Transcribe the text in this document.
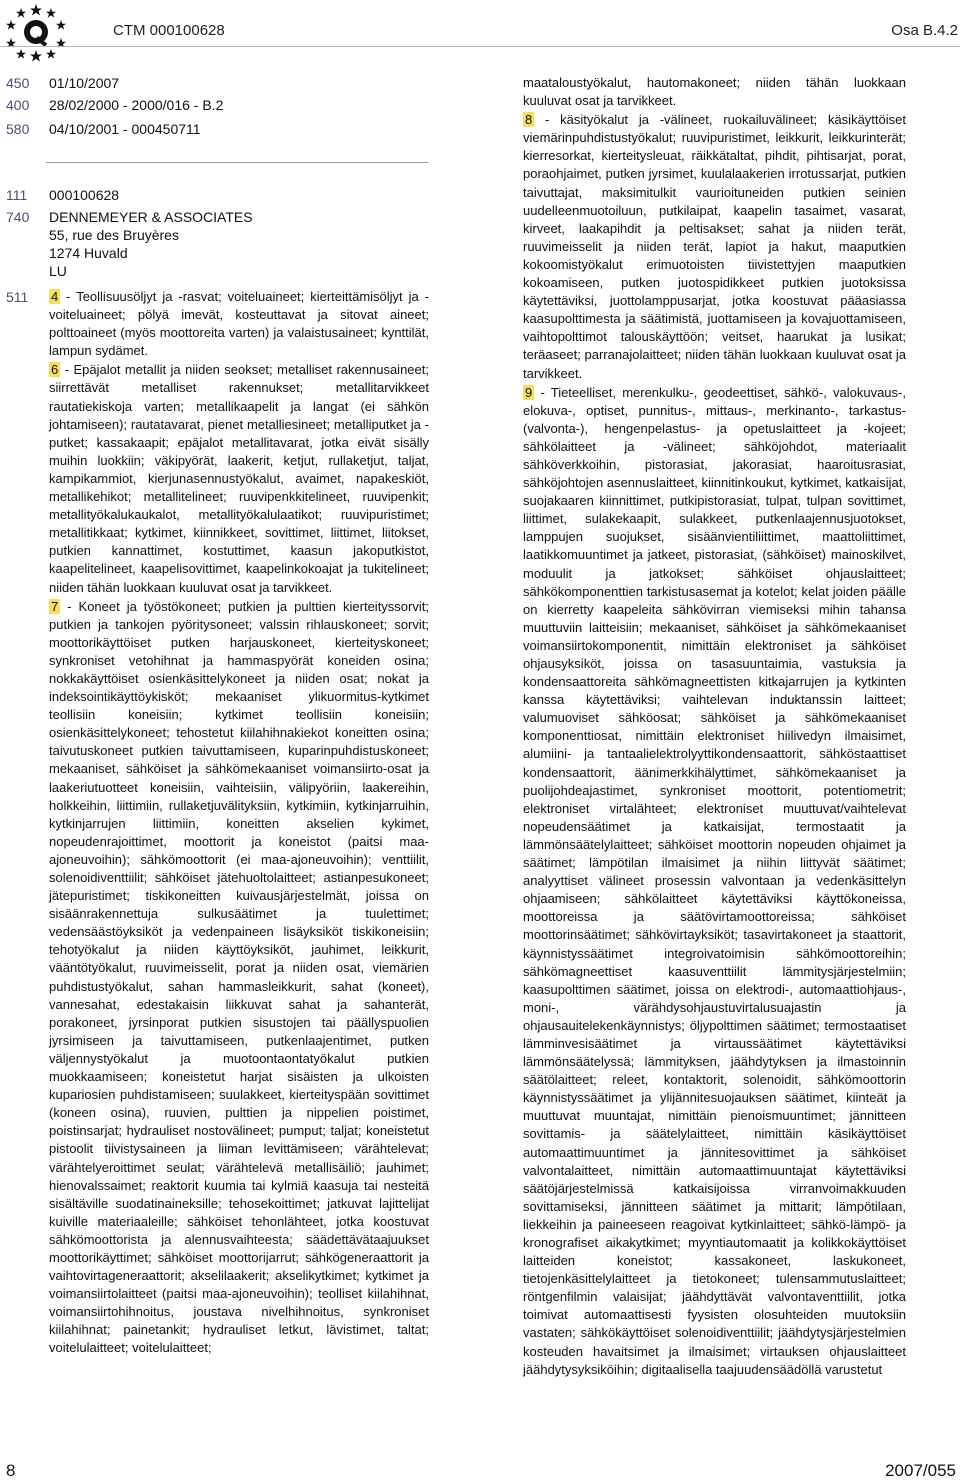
CTM 000100628	Osa B.4.2
450	01/10/2007
400	28/02/2000 - 2000/016 - B.2
580	04/10/2001 - 000450711
111	000100628
740	DENNEMEYER & ASSOCIATES
55, rue des Bruyères
1274 Huvald
LU
511	4 - Teollisuusöljyt ja -rasvat; voiteluaineet; kierteittämisöljyt ja -voiteluaineet; pölyä imevät, kosteuttavat ja sitovat aineet; polttoaineet (myös moottoreita varten) ja valaistusaineet; kynttilät, lampun sydämet.

6 - Epäjalot metallit ja niiden seokset; metalliset rakennusaineet; siirrettävät metalliset rakennukset; metallitarvikkeet rautatiekiskoja varten; metallikaapelit ja langat (ei sähkön johtamiseen); rautatavarat, pienet metalliesineet; metalliputket ja -putket; kassakaapit; epäjalot metallitavarat, jotka eivät sisälly muihin luokkiin; väkipyörät, laakerit, ketjut, rullaketjut, taljat, kampikammiot, kierjunasennustyökalut, avaimet, napakeskiöt, metallikehikot; metallitelineet; ruuvipenkkitelineet, ruuvipenkit; metallityökalukaukalot, metallityökalulaatikot; ruuvipuristimet; metallitikkaat; kytkimet, kiinnikkeet, sovittimet, liittimet, liitokset, putkien kannattimet, kostuttimet, kaasun jakoputkistot, kaapelitelineet, kaapelisovittimet, kaapelinkokoajat ja tukitelineet; niiden tähän luokkaan kuuluvat osat ja tarvikkeet.

7 - Koneet ja työstökoneet; putkien ja pulttien kierteityssorvit; putkien ja tankojen pyöritysoneet; valssin rihlauskoneet; sorvit; moottorikäyttöiset putken harjauskoneet, kierteityskoneet; synkroniset vetohihnat ja hammaspyörät koneiden osina; nokkakäyttöiset osienkäsittelykoneet ja niiden osat; nokat ja indeksointikäyttöykisköt; mekaaniset ylikuormitus-kytkimet teollisiin koneisiin; kytkimet teollisiin koneisiin; osienkäsittelykoneet; tehostetut kiilahihnakiekot koneitten osina; taivutuskoneet putkien taivuttamiseen, kuparinpuhdistuskoneet; mekaaniset, sähköiset ja sähkömekaaniset voimansiirto-osat ja laakeriutuotteet koneisiin, vaihteisiin, välipyöriin, laakereihin, holkkeihin, liittimiin, rullaketjuvälityksiin, kytkimiin, kytkinjarruihin, kytkinjarrujen liittimiin, koneitten akselien kykimet, nopeudenrajoittimet, moottorit ja koneistot (paitsi maa-ajoneuvoihin); sähkömoottorit (ei maa-ajoneuvoihin); venttiilit, solenoidiventtiilit; sähköiset jätehuoltolaitteet; astianpesukoneet; jätepuristimet; tiskikoneitten kuivausjärjestelmät, joissa on sisäänrakennettuja sulkusäätimet ja tuulettimet; vedensäästöyksiköt ja vedenpaineen lisäyksiköt tiskikoneisiin; tehotyökalut ja niiden käyttöyksiköt, jauhimet, leikkurit, vääntötyökalut, ruuvimeisselit, porat ja niiden osat, viemärien puhdistustyökalut, sahan hammasleikkurit, sahat (koneet), vannesahat, edestakaisin liikkuvat sahat ja sahanterät, porakoneet, jyrsinporat putkien sisustojen tai päällyspuolien jyrsimiseen ja taivuttamiseen, putkenlaajentimet, putken väljennystyökalut ja muotoontaontatyökalut putkien muokkaamiseen; koneistetut harjat sisäisten ja ulkoisten kupariosien puhdistamiseen; suulakkeet, kierteityspään sovittimet (koneen osina), ruuvien, pulttien ja nippelien poistimet, poistinsarjat; hydrauliset nostovälineet; pumput; taljat; koneistetut pistoolit tiivistysaineen ja liiman levittämiseen; värähtelevat; värähtelyeroittimet seulat; värähtelevä metallisäiliö; jauhimet; hienovalssaimet; reaktorit kuumia tai kylmiä kaasuja tai nesteitä sisältäville suodatinaineksille; tehosekoittimet; jatkuvat lajittelijat kuiville materiaaleille; sähköiset tehonlähteet, jotka koostuvat sähkömoottorista ja alennusvaihteesta; säädettävätaajuukset moottorikäyttimet; sähköiset moottorijarrut; sähkögeneraattorit ja vaihtovirtageneraattorit; akselilaakerit; akselikytkimet; kytkimet ja voimansiirtolaitteet (paitsi maa-ajoneuvoihin); teolliset kiilahihnat, voimansiirtohihnoitus, joustava nivelhihnoitus, synkroniset kiilahihnat; painetankit; hydrauliset letkut, lävistimet, taltat; voitelulaitteet; voitelulaitteet;

maataloustyökalut, hautomakoneet; niiden tähän luokkaan kuuluvat osat ja tarvikkeet.

8 - käsityökalut ja -välineet, ruokailuvälineet; käsikäyttöiset viemärinpuhdistustyökalut; ruuvipuristimet, leikkurit, leikkurinterät; kierresorkat, kierteitysleuat, räikkätaltat, pihdit, pihtisarjat, porat, poraohjaimet, putken jyrsimet, kuulalaakerien irrotussarjat, putkien taivuttajat, maksimitulkit vaurioituneiden putkien seinien uudelleenmuotoiluun, putkilaipat, kaapelin tasaimet, vasarat, kirveet, laakapihdit ja peltisakset; sahat ja niiden terät, ruuvimeisselit ja niiden terät, lapiot ja hakut, maaputkien kokoomistyökalut erimuotoisten tiivistettyjen maaputkien kokoamiseen, putken juotospidikkeet putkien juotoksissa käytettäviksi, juottolamppusarjat, jotka koostuvat pääasiassa kaasupolttimesta ja säätimistä, juottamiseen ja kovajuottamiseen, vaihtopolttimot talouskäyttöön; veitset, haarukat ja lusikat; teräaseet; parranajolaitteet; niiden tähän luokkaan kuuluvat osat ja tarvikkeet.

9 - Tieteelliset, merenkulku-, geodeettiset, sähkö-, valokuvaus-, elokuva-, optiset, punnitus-, mittaus-, merkinanto-, tarkastus- (valvonta-), hengenpelastus- ja opetuslaitteet ja -kojeet; sähkölaitteet ja -välineet; sähköjohdot, materiaalit sähköverkkoihin, pistorasiat, jakorasiat, haaroitusrasiat, sähköjohtojen asennuslaitteet, kiinnitinkoukut, kytkimet, katkaisijat, suojakaaren kiinnittimet, putkipistorasiat, tulpat, tulpan sovittimet, liittimet, sulakekaapit, sulakkeet, putkenlaajennusjuotokset, lamppujen suojukset, sisäänvientiliittimet, maattoliittimet, laatikkomuuntimet ja jatkeet, pistorasiat, (sähköiset) mainoskilvet, moduulit ja jatkokset; sähköiset ohjauslaitteet; sähkökomponenttien tarkistusasemat ja kotelot; kelat joiden päälle on kierretty kaapeleita sähkövirran viemiseksi mihin tahansa muuttuviin laitteisiin; mekaaniset, sähköiset ja sähkömekaaniset voimansiirtokomponentit, nimittäin elektroniset ja sähköiset ohjausyksiköt, joissa on tasasuuntaimia, vastuksia ja kondensaattoreita sähkömagneettisten kitkajarrujen ja kytkinten kanssa käytettäviksi; vaihtelevan induktanssin laitteet; valumuoviset sähköosat; sähköiset ja sähkömekaaniset komponenttiosat, nimittäin elektroniset hiilivedyn ilmaisimet, alumiini- ja tantaalielektrolyyttikondensaattorit, sähköstaattiset kondensaattorit, äänimerkkihälyttimet, sähkömekaaniset ja puolijohdeajastimet, synkroniset moottorit, potentiometrit; elektroniset virtalähteet; elektroniset muuttuvat/vaihtelevat nopeudensäätimet ja katkaisijat, termostaatit ja lämmönsäätelylaitteet; sähköiset moottorin nopeuden ohjaimet ja säätimet; lämpötilan ilmaisimet ja niihin liittyvät säätimet; analyyttiset välineet prosessin valvontaan ja vedenkäsittelyn ohjaamiseen; sähkölaitteet käytettäviksi käyttökoneissa, moottoreissa ja säätövirtamoottoreissa; sähköiset moottorinsäätimet; sähkövirtayksiköt; tasavirtakoneet ja staattorit, käynnistyssäätimet integroivatoimisin sähkömoottoreihin; sähkömagneettiset kaasuventtiilit lämmitysjärjestelmiin; kaasupolttimen säätimet, joissa on elektrodi-, automaattiohjaus-, moni-, värähdysohjaustuvirtalusuajastin ja ohjausauitelekenkäynnistys; öljypolttimen säätimet; termostaatiset lämminvesisäätimet ja virtaussäätimet käytettäviksi lämmönsäätelyssä; lämmityksen, jäähdytyksen ja ilmastoinnin säätölaitteet; releet, kontaktorit, solenoidit, sähkömoottorin käynnistyssäätimet ja ylijännitesuojauksen säätimet, kiinteät ja muuttuvat muuntajat, nimittäin pienoismuuntimet; jännitteen sovittamis- ja säätelylaitteet, nimittäin käsikäyttöiset automaattimuuntimet ja jännitesovittimet ja sähköiset valvontalaitteet, nimittäin automaattimuuntajat käytettäviksi säätöjärjestelmissä katkaisijoissa virranvoimakkuuden sovittamiseksi, jännitteen säätimet ja mittarit; lämpötilaan, liekkeihin ja paineeseen reagoivat kytkinlaitteet; sähkö-lämpö- ja kronografiset aikakytkimet; myyntiautomaatit ja kolikkokäyttöiset laitteiden koneistot; kassakoneet, laskukoneet, tietojenkäsittelylaitteet ja tietokoneet; tulensammutuslaitteet; röntgenfilmin valaisijat; jäähdyttävät valvontaventtiilit, jotka toimivat automaattisesti fyysisten olosuhteiden muutoksiin vastaten; sähkökäyttöiset solenoidiventtiilit; jäähdytysjärjestelmien kosteuden havaitsimet ja ilmaisimet; virtauksen ohjauslaitteet jäähdytysyksiköihin; digitaalisella taajuudensäädöllä varustetut

8	2007/055
